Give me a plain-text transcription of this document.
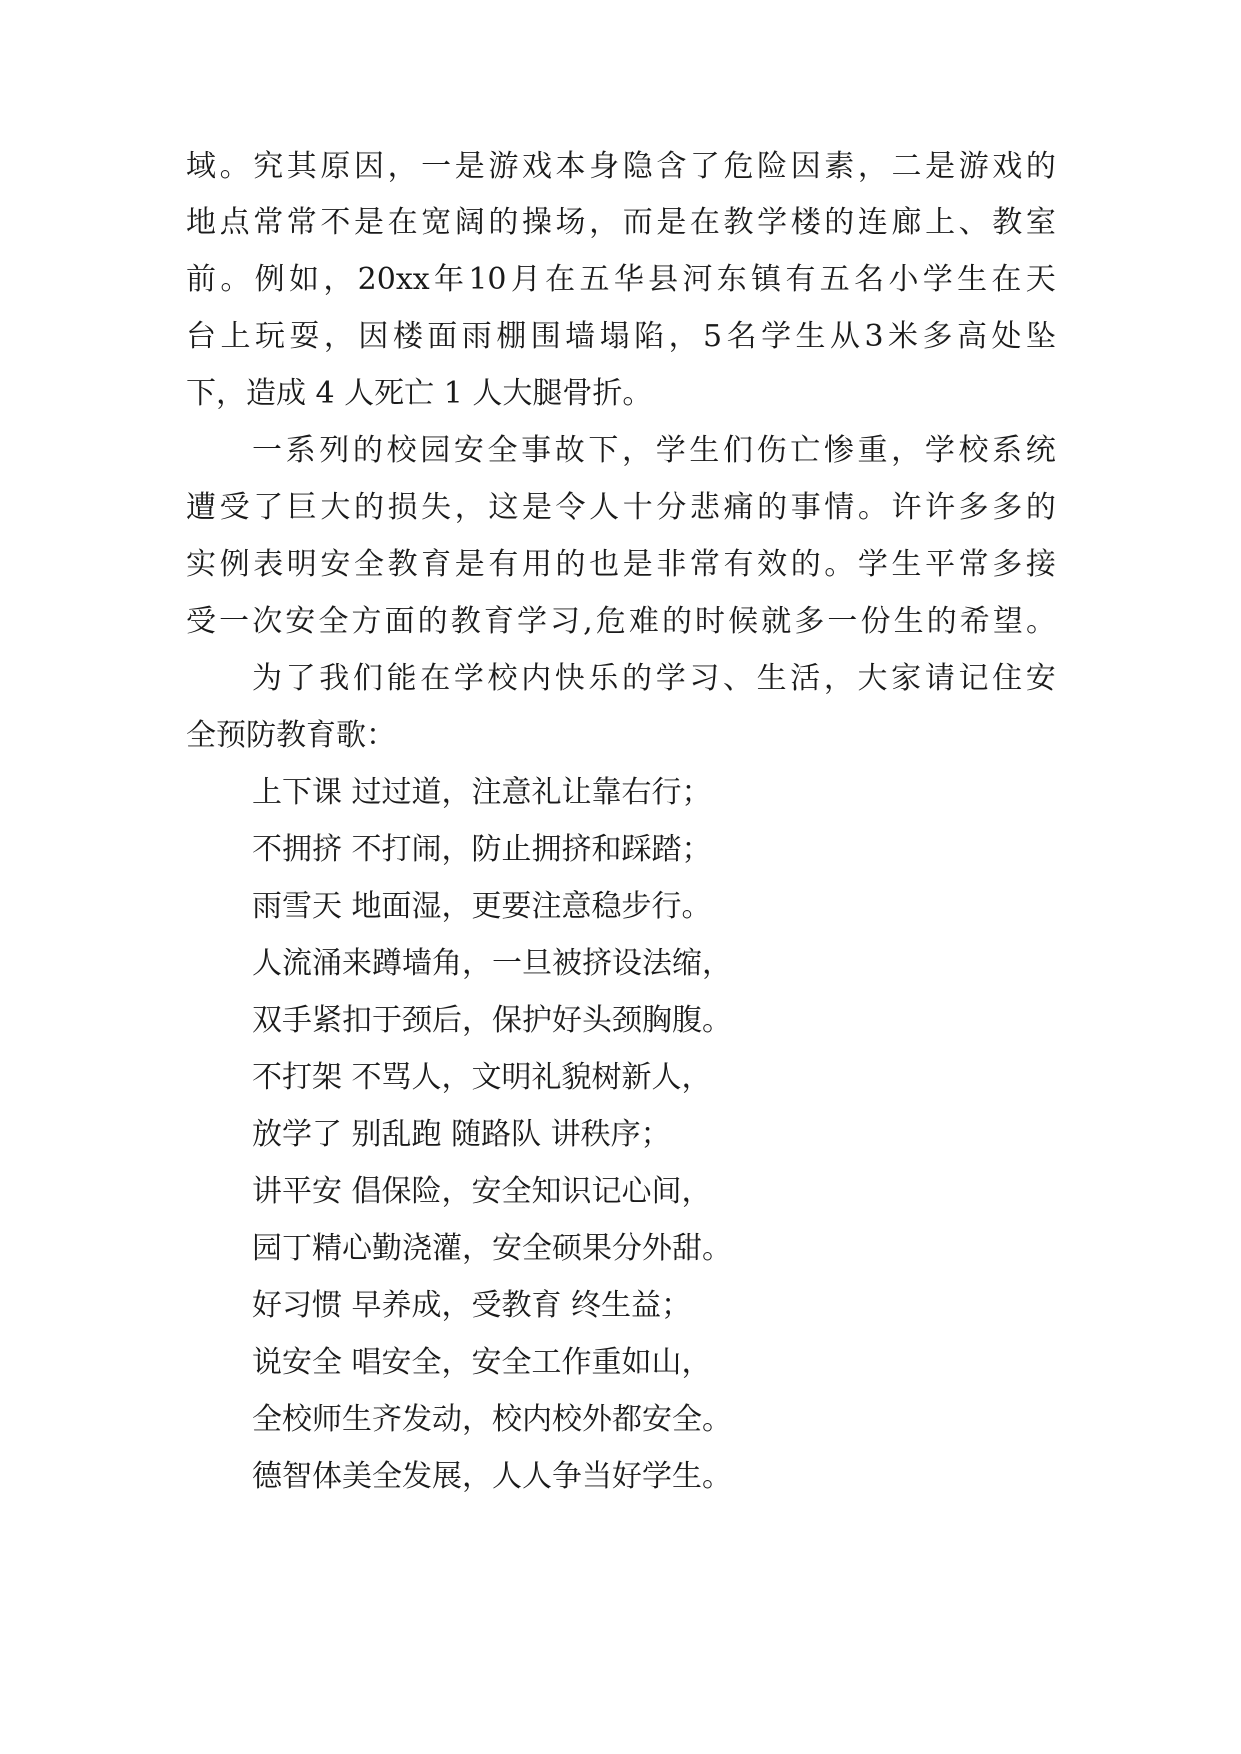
域 。 究 其 原 因 ， 一 是 游 戏 本 身 隐 含 了 危 险 因 素 ， 二 是 游 戏 的

地 点 常 常 不 是 在 宽 阔 的 操 场 ， 而 是 在 教 学 楼 的 连 廊 上 、 教 室

前 。 例 如 ， 20xx 年 10 月 在 五 华 县 河 东 镇 有 五 名 小 学 生 在 天

台 上 玩 耍 ， 因 楼 面 雨 棚 围 墙 塌 陷 ， 5 名 学 生 从 3 米 多 高 处 坠

下，造成 4 人死亡 1 人大腿骨折。

一 系 列 的 校 园 安 全 事 故 下 ， 学 生 们 伤 亡 惨 重 ， 学 校 系 统

遭 受 了 巨 大 的 损 失 ， 这 是 令 人 十 分 悲 痛 的 事 情 。 许 许 多 多 的

实 例 表 明 安 全 教 育 是 有 用 的 也 是 非 常 有 效 的 。 学 生 平 常 多 接

受 一 次 安 全 方 面 的 教 育 学 习 , 危 难 的 时 候 就 多 一 份 生 的 希 望 。

为 了 我 们 能 在 学 校 内 快 乐 的 学 习 、 生 活 ， 大 家 请 记 住 安

全预防教育歌：

上下课 过过道，注意礼让靠右行；

不拥挤 不打闹，防止拥挤和踩踏；

雨雪天 地面湿，更要注意稳步行。

人流涌来蹲墙角，一旦被挤设法缩，

双手紧扣于颈后，保护好头颈胸腹。

不打架 不骂人，文明礼貌树新人，

放学了 别乱跑 随路队 讲秩序；

讲平安 倡保险，安全知识记心间，

园丁精心勤浇灌，安全硕果分外甜。

好习惯 早养成，受教育 终生益；

说安全 唱安全，安全工作重如山，

全校师生齐发动，校内校外都安全。

德智体美全发展，人人争当好学生。
